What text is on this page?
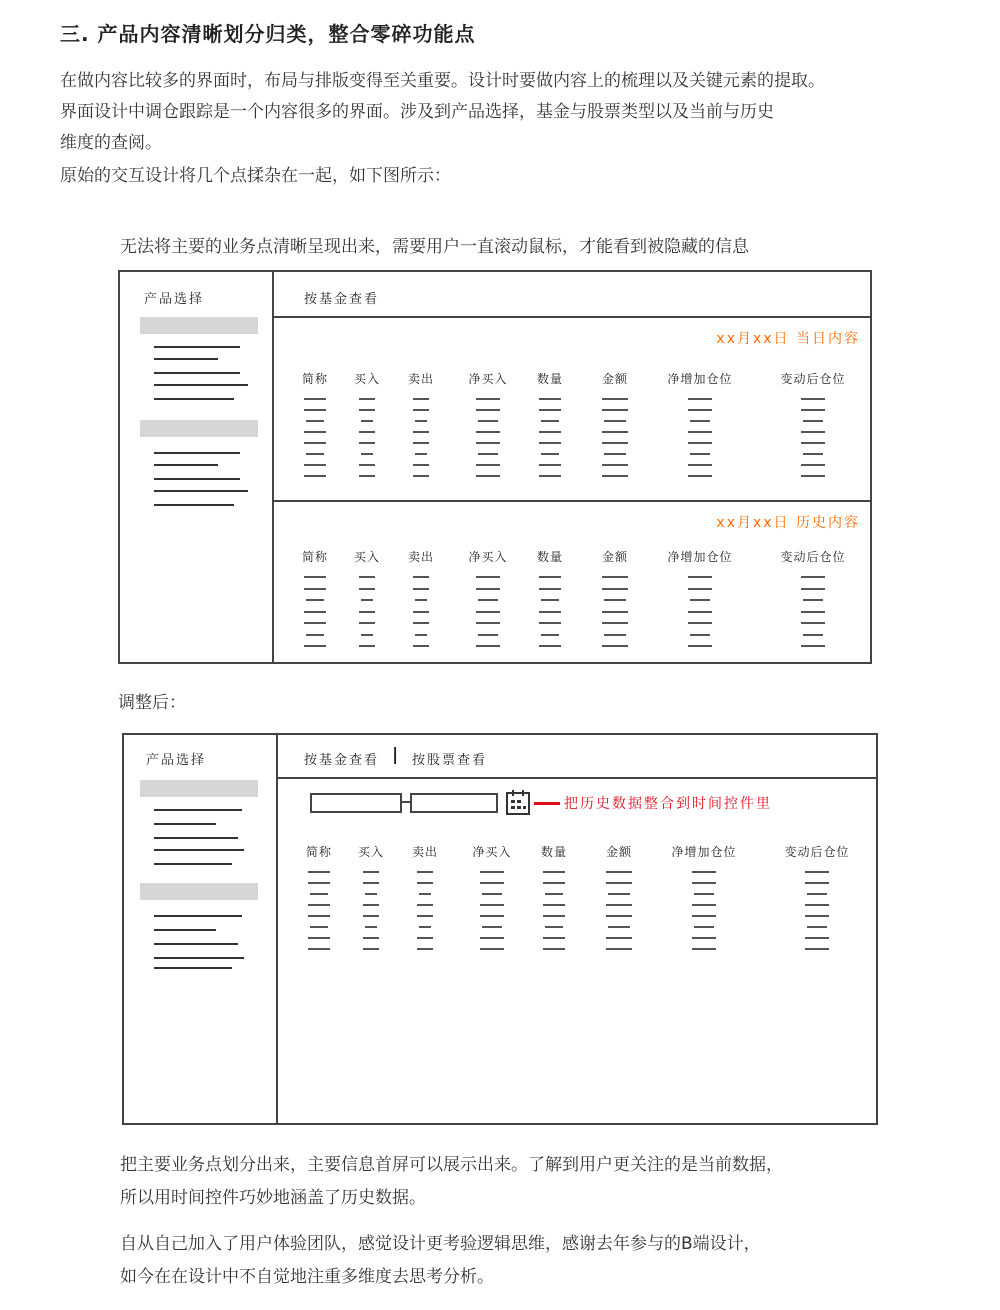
三. 产品内容清晰划分归类，整合零碎功能点
在做内容比较多的界面时，布局与排版变得至关重要。设计时要做内容上的梳理以及关键元素的提取。
界面设计中调仓跟踪是一个内容很多的界面。涉及到产品选择，基金与股票类型以及当前与历史
维度的查阅。
原始的交互设计将几个点揉杂在一起，如下图所示：
无法将主要的业务点清晰呈现出来，需要用户一直滚动鼠标，才能看到被隐藏的信息
产品选择	按基金查看
xx月xx日 当日内容
xx月xx日 历史内容
简称 买入 卖出	净买入 数量	金额	净增加仓位	变动后仓位
简称 买入 卖出	净买入 数量	金额	净增加仓位	变动后仓位
调整后：
产品选择	按基金查看 | 按股票查看
把历史数据整合到时间控件里
简称 买入 卖出	净买入 数量	金额	净增加仓位	变动后仓位
把主要业务点划分出来，主要信息首屏可以展示出来。了解到用户更关注的是当前数据，
所以用时间控件巧妙地涵盖了历史数据。
自从自己加入了用户体验团队，感觉设计更考验逻辑思维，感谢去年参与的B端设计，
如今在在设计中不自觉地注重多维度去思考分析。
